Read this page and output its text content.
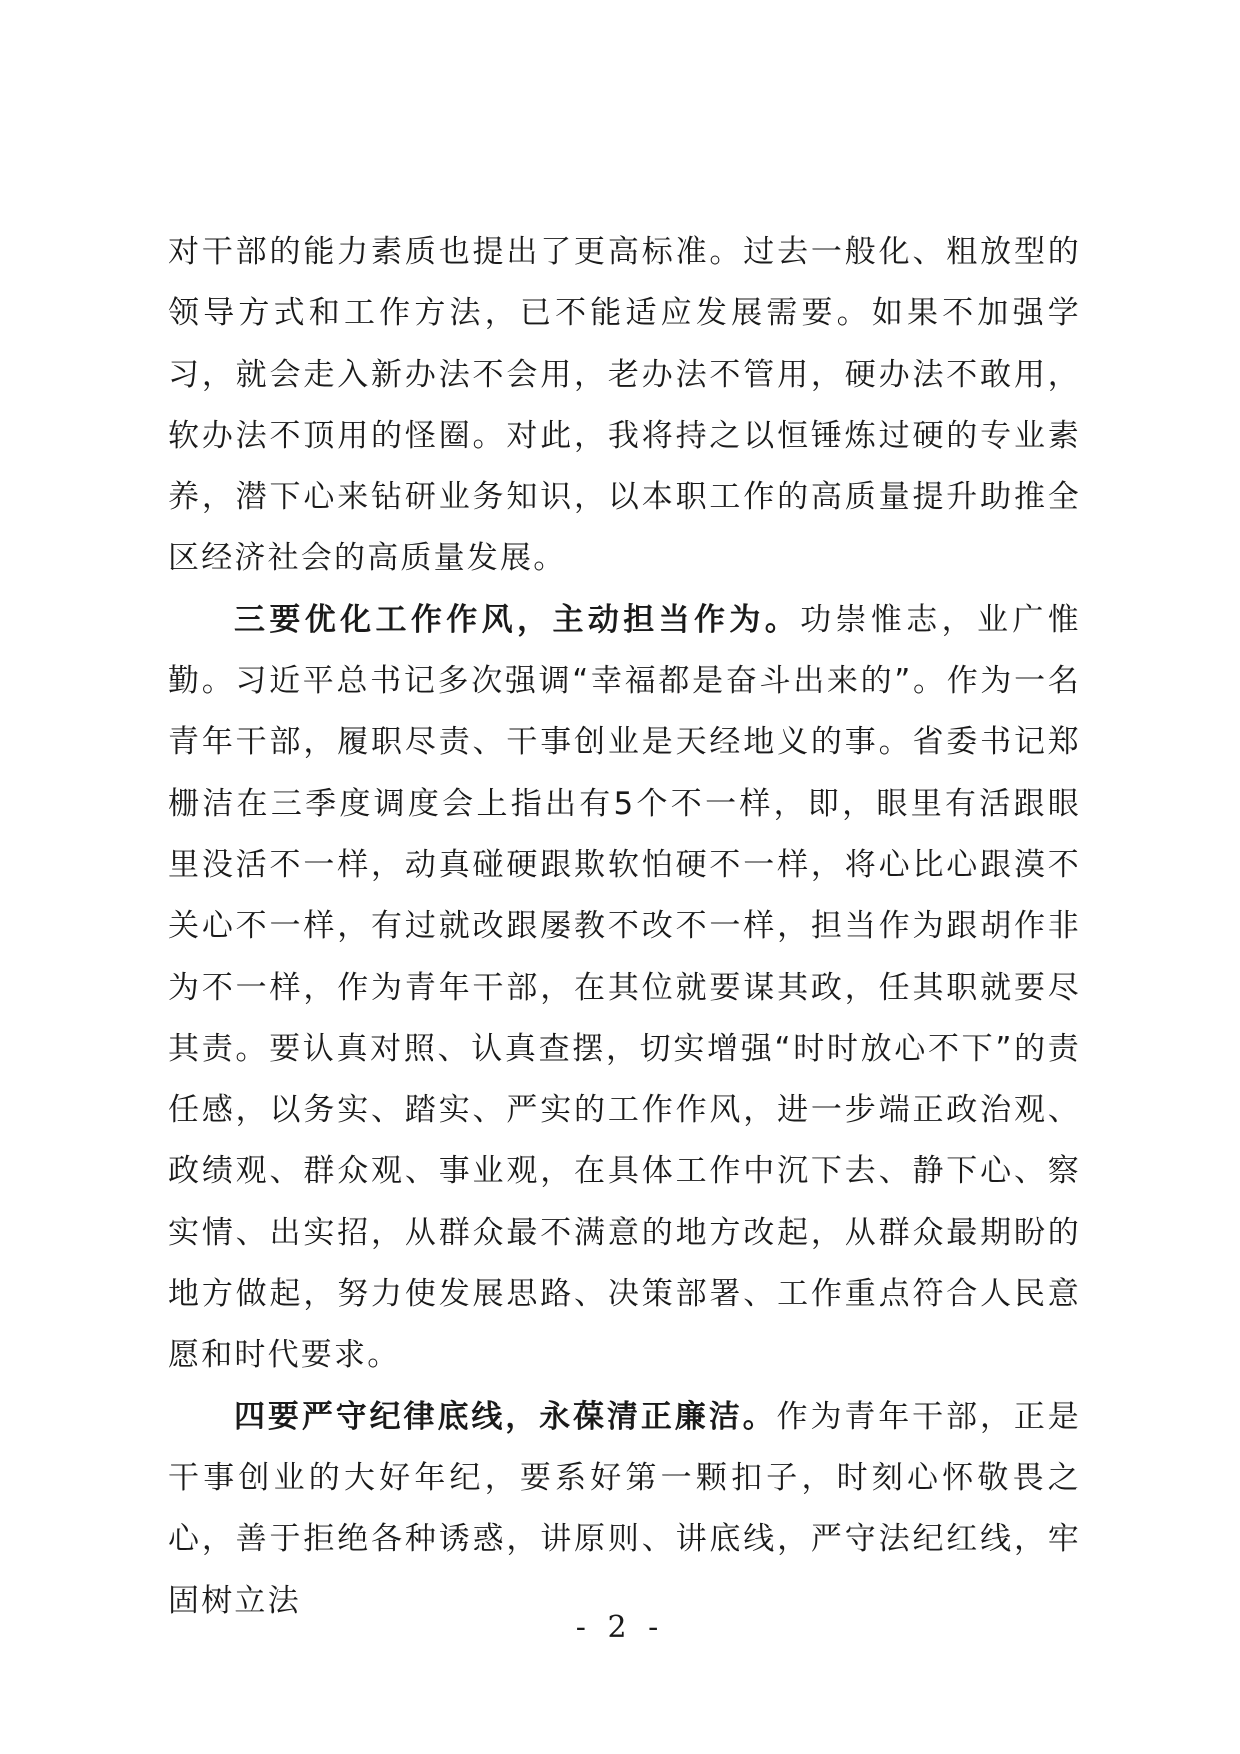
对干部的能力素质也提出了更高标准。过去一般化、粗放型的领导方式和工作方法，已不能适应发展需要。如果不加强学习，就会走入新办法不会用，老办法不管用，硬办法不敢用，软办法不顶用的怪圈。对此，我将持之以恒锤炼过硬的专业素养，潜下心来钻研业务知识，以本职工作的高质量提升助推全区经济社会的高质量发展。

三要优化工作作风，主动担当作为。功崇惟志，业广惟勤。习近平总书记多次强调“幸福都是奋斗出来的”。作为一名青年干部，履职尽责、干事创业是天经地义的事。省委书记郑栅洁在三季度调度会上指出有5个不一样，即，眼里有活跟眼里没活不一样，动真碰硬跟欺软怕硬不一样，将心比心跟漠不关心不一样，有过就改跟屡教不改不一样，担当作为跟胡作非为不一样，作为青年干部，在其位就要谋其政，任其职就要尽其责。要认真对照、认真查摆，切实增强“时时放心不下”的责任感，以务实、踏实、严实的工作作风，进一步端正政治观、政绩观、群众观、事业观，在具体工作中沉下去、静下心、察实情、出实招，从群众最不满意的地方改起，从群众最期盼的地方做起，努力使发展思路、决策部署、工作重点符合人民意愿和时代要求。

四要严守纪律底线，永葆清正廉洁。作为青年干部，正是干事创业的大好年纪，要系好第一颗扣子，时刻心怀敬畏之心，善于拒绝各种诱惑，讲原则、讲底线，严守法纪红线，牢固树立法

- 2 -
